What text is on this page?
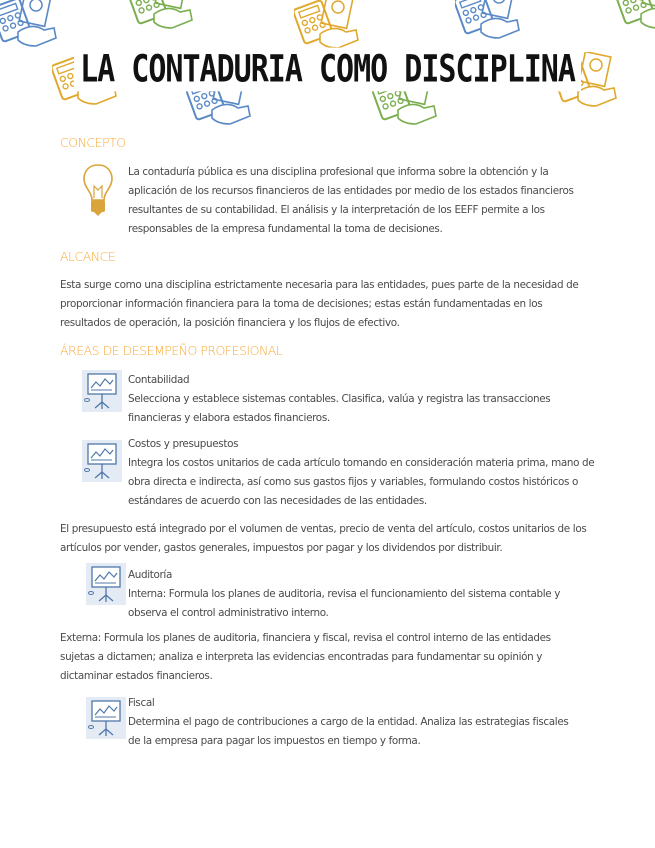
LA CONTADURIA COMO DISCIPLINA
CONCEPTO

La contaduría pública es una disciplina profesional que informa sobre la obtención y la aplicación de los recursos financieros de las entidades por medio de los estados financieros resultantes de su contabilidad. El análisis y la interpretación de los EEFF permite a los responsables de la empresa fundamental la toma de decisiones.

ALCANCE

Esta surge como una disciplina estrictamente necesaria para las entidades, pues parte de la necesidad de proporcionar información financiera para la toma de decisiones; estas están fundamentadas en los resultados de operación, la posición financiera y los flujos de efectivo.

ÁREAS DE DESEMPEÑO PROFESIONAL
Contabilidad
Selecciona y establece sistemas contables. Clasifica, valúa y registra las transacciones financieras y elabora estados financieros.
Costos y presupuestos
Integra los costos unitarios de cada artículo tomando en consideración materia prima, mano de obra directa e indirecta, así como sus gastos fijos y variables, formulando costos históricos o estándares de acuerdo con las necesidades de las entidades.

El presupuesto está integrado por el volumen de ventas, precio de venta del artículo, costos unitarios de los artículos por vender, gastos generales, impuestos por pagar y los dividendos por distribuir.

Auditoría
Interna: Formula los planes de auditoria, revisa el funcionamiento del sistema contable y observa el control administrativo interno.

Externa: Formula los planes de auditoria, financiera y fiscal, revisa el control interno de las entidades sujetas a dictamen; analiza e interpreta las evidencias encontradas para fundamentar su opinión y dictaminar estados financieros.

Fiscal
Determina el pago de contribuciones a cargo de la entidad. Analiza las estrategias fiscales de la empresa para pagar los impuestos en tiempo y forma.
